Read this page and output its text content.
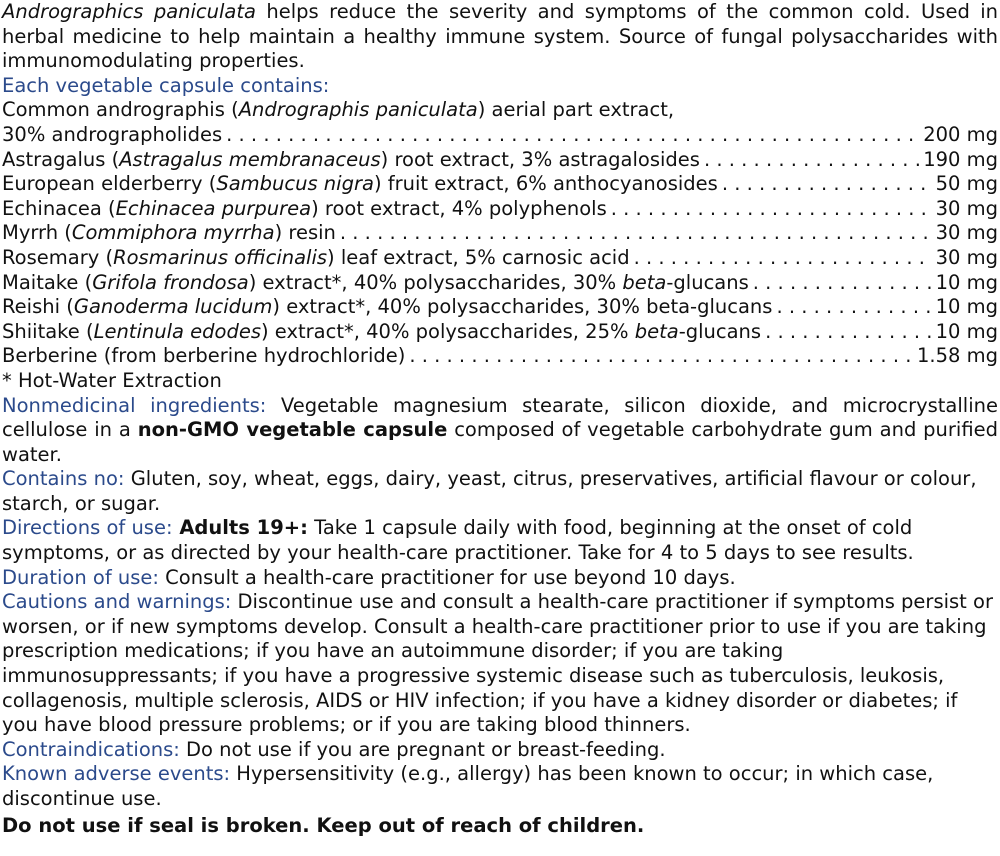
Andrographics paniculata helps reduce the severity and symptoms of the common cold. Used in herbal medicine to help maintain a healthy immune system. Source of fungal polysaccharides with immunomodulating properties.

Each vegetable capsule contains:

Common andrographis (Andrographis paniculata) aerial part extract,
30% andrographolides . . .	200 mg
Astragalus (Astragalus membranaceus) root extract, 3% astragalosides . . .	190 mg
European elderberry (Sambucus nigra) fruit extract, 6% anthocyanosides . . .	50 mg
Echinacea (Echinacea purpurea) root extract, 4% polyphenols . . .	30 mg
Myrrh (Commiphora myrrha) resin . . .	30 mg
Rosemary (Rosmarinus officinalis) leaf extract, 5% carnosic acid . . .	30 mg
Maitake (Grifola frondosa) extract*, 40% polysaccharides, 30% beta-glucans . . .	10 mg
Reishi (Ganoderma lucidum) extract*, 40% polysaccharides, 30% beta-glucans . . .	10 mg
Shiitake (Lentinula edodes) extract*, 40% polysaccharides, 25% beta-glucans . . .	10 mg
Berberine (from berberine hydrochloride) . . .	1.58 mg

* Hot-Water Extraction

Nonmedicinal ingredients: Vegetable magnesium stearate, silicon dioxide, and microcrystalline cellulose in a non-GMO vegetable capsule composed of vegetable carbohydrate gum and purified water.

Contains no: Gluten, soy, wheat, eggs, dairy, yeast, citrus, preservatives, artificial flavour or colour, starch, or sugar.

Directions of use: Adults 19+: Take 1 capsule daily with food, beginning at the onset of cold symptoms, or as directed by your health-care practitioner. Take for 4 to 5 days to see results.

Duration of use: Consult a health-care practitioner for use beyond 10 days.

Cautions and warnings: Discontinue use and consult a health-care practitioner if symptoms persist or worsen, or if new symptoms develop. Consult a health-care practitioner prior to use if you are taking prescription medications; if you have an autoimmune disorder; if you are taking immunosuppressants; if you have a progressive systemic disease such as tuberculosis, leukosis, collagenosis, multiple sclerosis, AIDS or HIV infection; if you have a kidney disorder or diabetes; if you have blood pressure problems; or if you are taking blood thinners.

Contraindications: Do not use if you are pregnant or breast-feeding.

Known adverse events: Hypersensitivity (e.g., allergy) has been known to occur; in which case, discontinue use.

Do not use if seal is broken. Keep out of reach of children.
